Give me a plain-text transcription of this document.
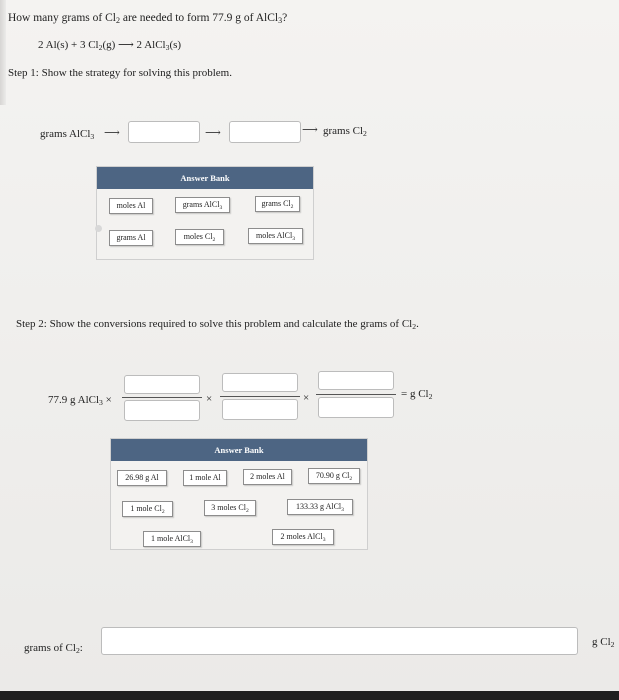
How many grams of $Cl_2$ are needed to form 77.9 g of AlCl$_3$?
2 Al(s) + 3 $Cl_2(g)$ ⟶ 2 AlCl$_3$(s)
Step 1: Show the strategy for solving this problem.
grams AlCl$_3$ ⟶	⟶	⟶ grams $Cl_2$
Answer Bank
moles Al	grams AlCl$_3$	grams $Cl_2$
grams Al	moles $Cl_2$	moles AlCl$_3$
Step 2: Show the conversions required to solve this problem and calculate the grams of $Cl_2$.
77.9 g AlCl$_3$ ×	×	×	= g $Cl_2$
Answer Bank
26.98 g Al	1 mole Al	2 moles Al	70.90 g $Cl_2$
1 mole $Cl_2$	3 moles $Cl_2$	133.33 g AlCl$_3$
1 mole AlCl$_3$
2 moles AlCl$_3$
grams of $Cl_2$:	g $Cl_2$
